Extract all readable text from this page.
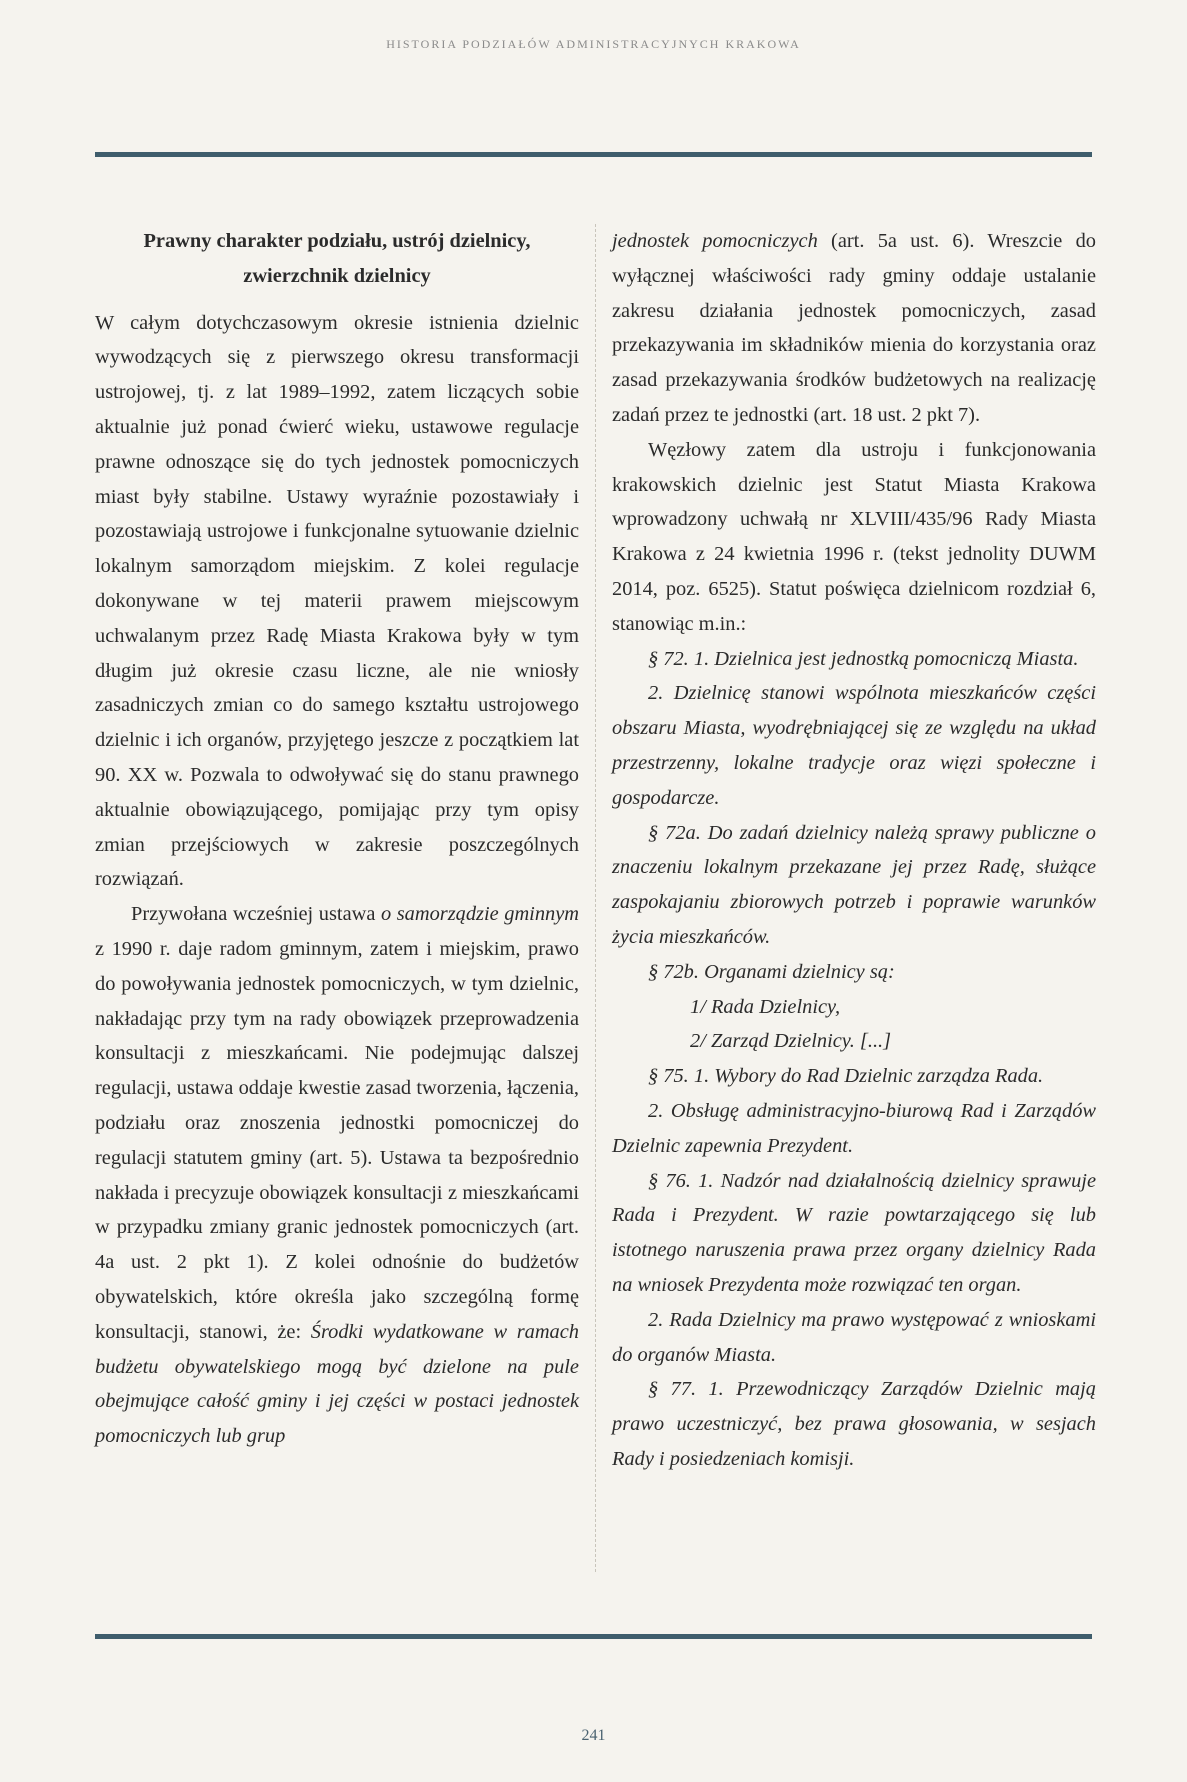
HISTORIA PODZIAŁÓW ADMINISTRACYJNYCH KRAKOWA

Prawny charakter podziału, ustrój dzielnicy,
zwierzchnik dzielnicy

W całym dotychczasowym okresie istnienia dzielnic wywodzących się z pierwszego okresu transformacji ustrojowej, tj. z lat 1989–1992, zatem liczących sobie aktualnie już ponad ćwierć wieku, ustawowe regulacje prawne odnoszące się do tych jednostek pomocniczych miast były stabilne. Ustawy wyraźnie pozostawiały i pozostawiają ustrojowe i funkcjonalne sytuowanie dzielnic lokalnym samorządom miejskim. Z kolei regulacje dokonywane w tej materii prawem miejscowym uchwalanym przez Radę Miasta Krakowa były w tym długim już okresie czasu liczne, ale nie wniosły zasadniczych zmian co do samego kształtu ustrojowego dzielnic i ich organów, przyjętego jeszcze z początkiem lat 90. XX w. Pozwala to odwoływać się do stanu prawnego aktualnie obowiązującego, pomijając przy tym opisy zmian przejściowych w zakresie poszczególnych rozwiązań.

Przywołana wcześniej ustawa o samorządzie gminnym z 1990 r. daje radom gminnym, zatem i miejskim, prawo do powoływania jednostek pomocniczych, w tym dzielnic, nakładając przy tym na rady obowiązek przeprowadzenia konsultacji z mieszkańcami. Nie podejmując dalszej regulacji, ustawa oddaje kwestie zasad tworzenia, łączenia, podziału oraz znoszenia jednostki pomocniczej do regulacji statutem gminy (art. 5). Ustawa ta bezpośrednio nakłada i precyzuje obowiązek konsultacji z mieszkańcami w przypadku zmiany granic jednostek pomocniczych (art. 4a ust. 2 pkt 1). Z kolei odnośnie do budżetów obywatelskich, które określa jako szczególną formę konsultacji, stanowi, że: Środki wydatkowane w ramach budżetu obywatelskiego mogą być dzielone na pule obejmujące całość gminy i jej części w postaci jednostek pomocniczych lub grup

jednostek pomocniczych (art. 5a ust. 6). Wreszcie do wyłącznej właściwości rady gminy oddaje ustalanie zakresu działania jednostek pomocniczych, zasad przekazywania im składników mienia do korzystania oraz zasad przekazywania środków budżetowych na realizację zadań przez te jednostki (art. 18 ust. 2 pkt 7).

Węzłowy zatem dla ustroju i funkcjonowania krakowskich dzielnic jest Statut Miasta Krakowa wprowadzony uchwałą nr XLVIII/435/96 Rady Miasta Krakowa z 24 kwietnia 1996 r. (tekst jednolity DUWM 2014, poz. 6525). Statut poświęca dzielnicom rozdział 6, stanowiąc m.in.:

§ 72. 1. Dzielnica jest jednostką pomocniczą Miasta.

2. Dzielnicę stanowi wspólnota mieszkańców części obszaru Miasta, wyodrębniającej się ze względu na układ przestrzenny, lokalne tradycje oraz więzi społeczne i gospodarcze.

§ 72a. Do zadań dzielnicy należą sprawy publiczne o znaczeniu lokalnym przekazane jej przez Radę, służące zaspokajaniu zbiorowych potrzeb i poprawie warunków życia mieszkańców.

§ 72b. Organami dzielnicy są:

1/ Rada Dzielnicy,

2/ Zarząd Dzielnicy. [...]

§ 75. 1. Wybory do Rad Dzielnic zarządza Rada.

2. Obsługę administracyjno-biurową Rad i Zarządów Dzielnic zapewnia Prezydent.

§ 76. 1. Nadzór nad działalnością dzielnicy sprawuje Rada i Prezydent. W razie powtarzającego się lub istotnego naruszenia prawa przez organy dzielnicy Rada na wniosek Prezydenta może rozwiązać ten organ.

2. Rada Dzielnicy ma prawo występować z wnioskami do organów Miasta.

§ 77. 1. Przewodniczący Zarządów Dzielnic mają prawo uczestniczyć, bez prawa głosowania, w sesjach Rady i posiedzeniach komisji.

241
